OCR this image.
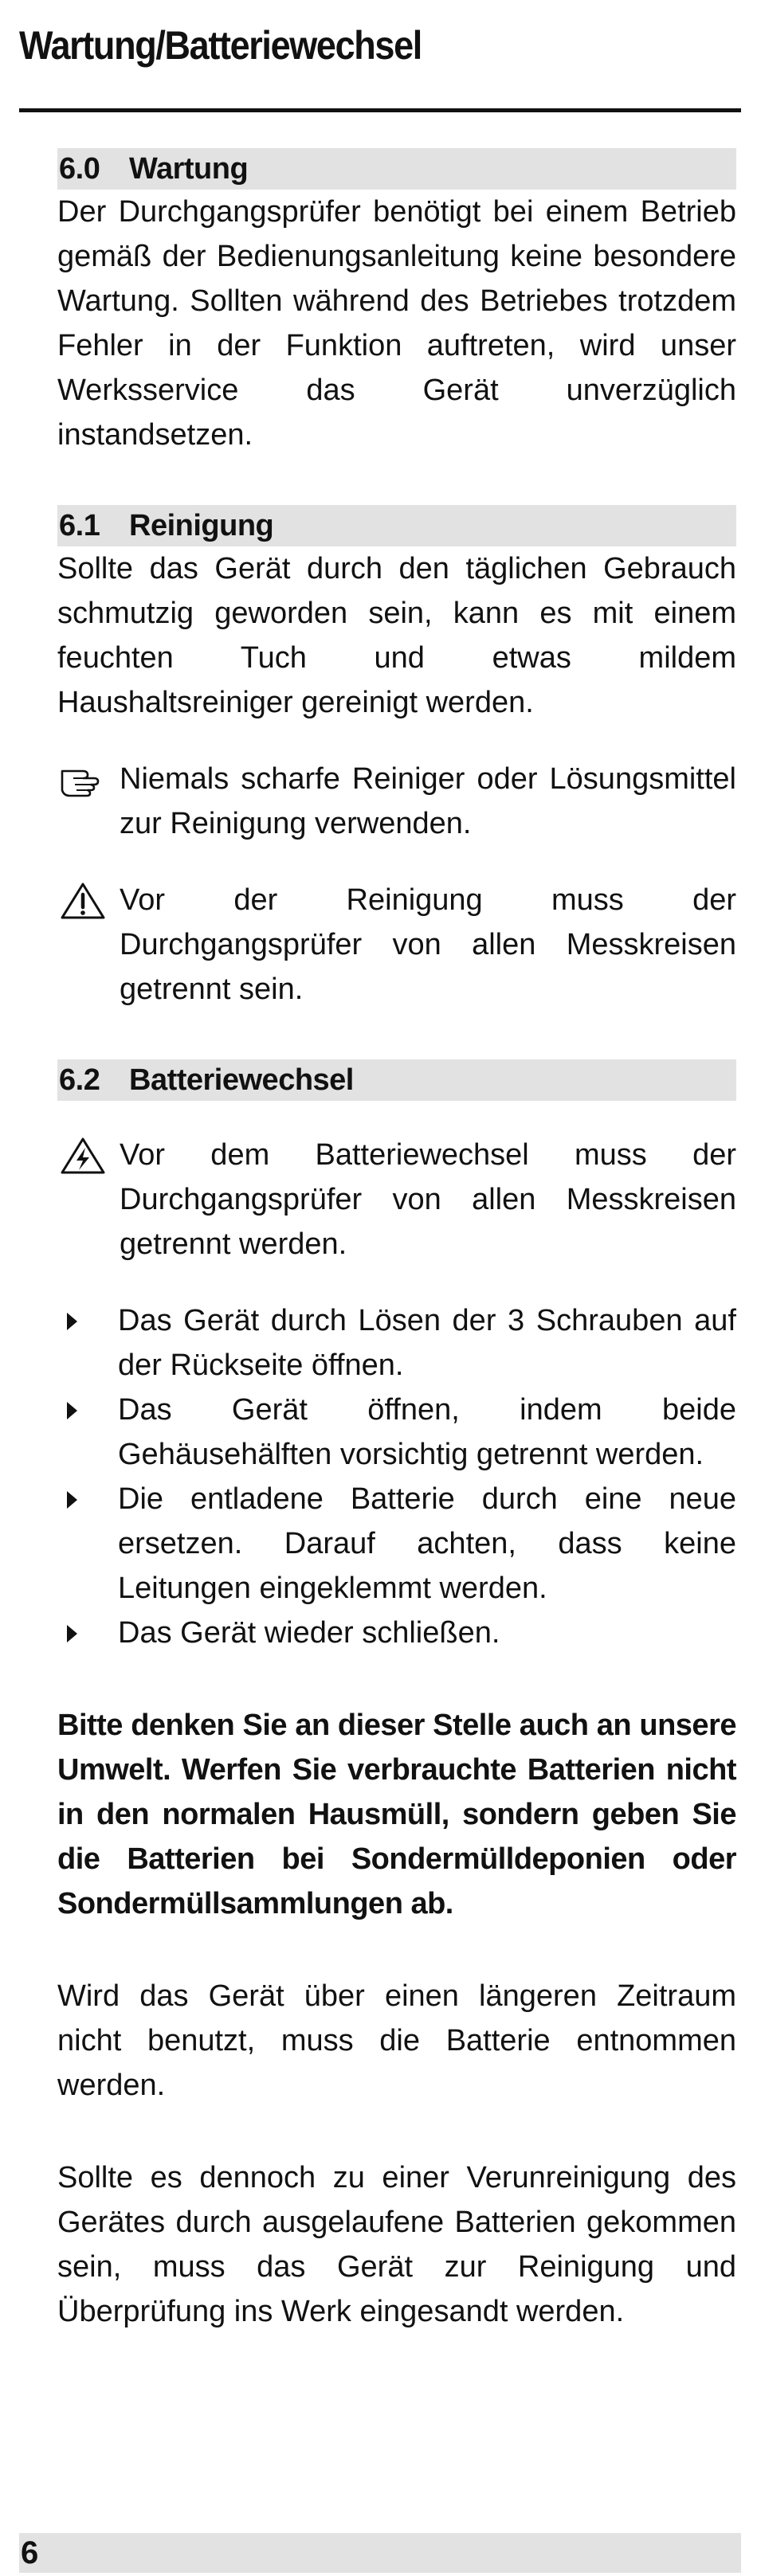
Wartung/Batteriewechsel
6.0 Wartung

Der Durchgangsprüfer benötigt bei einem Betrieb gemäß der Bedienungsanleitung keine besondere Wartung. Sollten während des Betriebes trotzdem Fehler in der Funktion auftreten, wird unser Werksservice das Gerät unverzüglich instandsetzen.

6.1 Reinigung

Sollte das Gerät durch den täglichen Gebrauch schmutzig geworden sein, kann es mit einem feuchten Tuch und etwas mildem Haushaltsreiniger gereinigt werden.

Niemals scharfe Reiniger oder Lösungsmittel zur Reinigung verwenden.
Vor der Reinigung muss der Durchgangsprüfer von allen Messkreisen getrennt sein.
6.2 Batteriewechsel
Vor dem Batteriewechsel muss der Durchgangsprüfer von allen Messkreisen getrennt werden.
Das Gerät durch Lösen der 3 Schrauben auf der Rückseite öffnen.
Das Gerät öffnen, indem beide Gehäusehälften vorsichtig getrennt werden.
Die entladene Batterie durch eine neue ersetzen. Darauf achten, dass keine Leitungen eingeklemmt werden.
Das Gerät wieder schließen.

Bitte denken Sie an dieser Stelle auch an unsere Umwelt. Werfen Sie verbrauchte Batterien nicht in den normalen Hausmüll, sondern geben Sie die Batterien bei Sondermülldeponien oder Sondermüllsammlungen ab.

Wird das Gerät über einen längeren Zeitraum nicht benutzt, muss die Batterie entnommen werden.

Sollte es dennoch zu einer Verunreinigung des Gerätes durch ausgelaufene Batterien gekommen sein, muss das Gerät zur Reinigung und Überprüfung ins Werk eingesandt werden.

6
